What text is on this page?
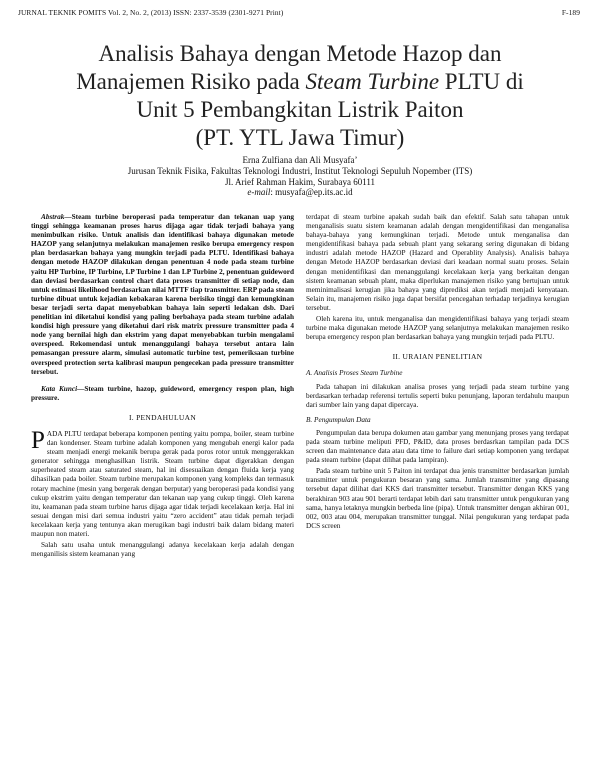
JURNAL TEKNIK POMITS Vol. 2, No. 2, (2013) ISSN: 2337-3539 (2301-9271 Print)	F-189
Analisis Bahaya dengan Metode Hazop dan
Manajemen Risiko pada Steam Turbine PLTU di
Unit 5 Pembangkitan Listrik Paiton
(PT. YTL Jawa Timur)
Erna Zulfiana dan Ali Musyafa’
Jurusan Teknik Fisika, Fakultas Teknologi Industri, Institut Teknologi Sepuluh Nopember (ITS)
Jl. Arief Rahman Hakim, Surabaya 60111
e-mail: musyafa@ep.its.ac.id

Abstrak—Steam turbine beroperasi pada temperatur dan tekanan uap yang tinggi sehingga keamanan proses harus dijaga agar tidak terjadi bahaya yang menimbulkan risiko. Untuk analisis dan identifikasi bahaya digunakan metode HAZOP yang selanjutnya melakukan manajemen resiko berupa emergency respon plan berdasarkan bahaya yang mungkin terjadi pada PLTU. Identifikasi bahaya dengan metode HAZOP dilakukan dengan penentuan 4 node pada steam turbine yaitu HP Turbine, IP Turbine, LP Turbine 1 dan LP Turbine 2, penentuan guideword dan deviasi berdasarkan control chart data proses transmitter di setiap node, dan untuk estimasi likelihood berdasarkan nilai MTTF tiap transmitter. ERP pada steam turbine dibuat untuk kejadian kebakaran karena berisiko tinggi dan kemungkinan besar terjadi serta dapat menyebabkan bahaya lain seperti ledakan dsb. Dari penelitian ini diketahui kondisi yang paling berbahaya pada steam turbine adalah kondisi high pressure yang diketahui dari risk matrix pressure transmitter pada 4 node yang bernilai high dan ekstrim yang dapat menyebabkan turbin mengalami overspeed. Rekomendasi untuk menanggulangi bahaya tersebut antara lain pemasangan pressure alarm, simulasi automatic turbine test, pemeriksaan turbine overspeed protection serta kalibrasi maupun pengecekan pada pressure transmitter tersebut.

Kata Kunci—Steam turbine, hazop, guideword, emergency respon plan, high pressure.

I. PENDAHULUAN

PADA PLTU terdapat beberapa komponen penting yaitu pompa, boiler, steam turbine dan kondenser. Steam turbine adalah komponen yang mengubah energi kalor pada steam menjadi energi mekanik berupa gerak pada poros rotor untuk menggerakkan generator sehingga menghasilkan listrik. Steam turbine dapat digerakkan dengan superheated steam atau saturated steam, hal ini disesuaikan dengan fluida kerja yang dihasilkan pada boiler. Steam turbine merupakan komponen yang kompleks dan termasuk rotary machine (mesin yang bergerak dengan berputar) yang beroperasi pada kondisi yang cukup ekstrim yaitu dengan temperatur dan tekanan uap yang cukup tinggi. Oleh karena itu, keamanan pada steam turbine harus dijaga agar tidak terjadi kecelakaan kerja. Hal ini sesuai dengan misi dari semua industri yaitu “zero accident” atau tidak pernah terjadi kecelakaan kerja yang tentunya akan merugikan bagi industri baik dalam bidang materi maupun non materi.

Salah satu usaha untuk menanggulangi adanya kecelakaan kerja adalah dengan menganilisis sistem keamanan yang

terdapat di steam turbine apakah sudah baik dan efektif. Salah satu tahapan untuk menganalisis suatu sistem keamanan adalah dengan mengidentifikasi dan menganalisa bahaya-bahaya yang kemungkinan terjadi. Metode untuk menganalisa dan mengidentifikasi bahaya pada sebuah plant yang sekarang sering digunakan di bidang industri adalah metode HAZOP (Hazard and Operablity Analysis). Analisis bahaya dengan Metode HAZOP berdasarkan deviasi dari keadaan normal suatu proses. Selain dengan menidentifikasi dan menanggulangi kecelakaan kerja yang berkaitan dengan sistem keamanan sebuah plant, maka diperlukan manajemen risiko yang bertujuan untuk meminimalisasi kerugian jika bahaya yang diprediksi akan terjadi menjadi kenyataan. Selain itu, manajemen risiko juga dapat bersifat pencegahan terhadap terjadinya kerugian tersebut.

Oleh karena itu, untuk menganalisa dan mengidentifikasi bahaya yang terjadi steam turbine maka digunakan metode HAZOP yang selanjutnya melakukan manajemen resiko berupa emergency respon plan berdasarkan bahaya yang mungkin terjadi pada PLTU.

II. URAIAN PENELITIAN
A. Analisis Proses Steam Turbine

Pada tahapan ini dilakukan analisa proses yang terjadi pada steam turbine yang berdasarkan terhadap referensi tertulis seperti buku penunjang, laporan terdahulu maupun dari sumber lain yang dapat dipercaya.

B. Pengumpulan Data

Pengumpulan data berupa dokumen atau gambar yang menunjang proses yang terdapat pada steam turbine meliputi PFD, P&ID, data proses berdasrkan tampilan pada DCS screen dan maintenance data atau data time to failure dari setiap komponen yang terdapat pada steam turbine (dapat dilihat pada lampiran).

Pada steam turbine unit 5 Paiton ini terdapat dua jenis transmitter berdasarkan jumlah transmitter untuk pengukuran besaran yang sama. Jumlah transmitter yang dipasang tersebut dapat dilihat dari KKS dari transmitter tersebut. Transmitter dengan KKS yang berakhiran 903 atau 901 berarti terdapat lebih dari satu transmitter untuk pengukuran yang sama, hanya letaknya mungkin berbeda line (pipa). Untuk transmitter dengan akhiran 001, 002, 003 atau 004, merupakan transmitter tunggal. Nilai pengukuran yang terdapat pada DCS screen
